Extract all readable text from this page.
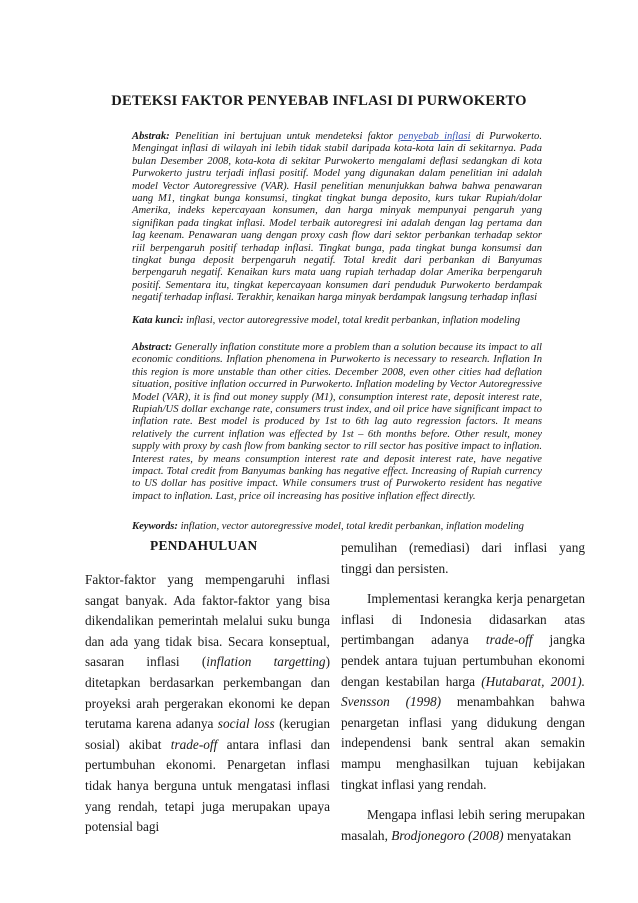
DETEKSI FAKTOR PENYEBAB INFLASI DI PURWOKERTO

Abstrak: Penelitian ini bertujuan untuk mendeteksi faktor penyebab inflasi di Purwokerto. Mengingat inflasi di wilayah ini lebih tidak stabil daripada kota-kota lain di sekitarnya. Pada bulan Desember 2008, kota-kota di sekitar Purwokerto mengalami deflasi sedangkan di kota Purwokerto justru terjadi inflasi positif. Model yang digunakan dalam penelitian ini adalah model Vector Autoregressive (VAR). Hasil penelitian menunjukkan bahwa bahwa penawaran uang M1, tingkat bunga konsumsi, tingkat tingkat bunga deposito, kurs tukar Rupiah/dolar Amerika, indeks kepercayaan konsumen, dan harga minyak mempunyai pengaruh yang signifikan pada tingkat inflasi. Model terbaik autoregresi ini adalah dengan lag pertama dan lag keenam. Penawaran uang dengan proxy cash flow dari sektor perbankan terhadap sektor riil berpengaruh positif terhadap inflasi. Tingkat bunga, pada tingkat bunga konsumsi dan tingkat bunga deposit berpengaruh negatif. Total kredit dari perbankan di Banyumas berpengaruh negatif. Kenaikan kurs mata uang rupiah terhadap dolar Amerika berpengaruh positif. Sementara itu, tingkat kepercayaan konsumen dari penduduk Purwokerto berdampak negatif terhadap inflasi. Terakhir, kenaikan harga minyak berdampak langsung terhadap inflasi

Kata kunci: inflasi, vector autoregressive model, total kredit perbankan, inflation modeling

Abstract: Generally inflation constitute more a problem than a solution because its impact to all economic conditions. Inflation phenomena in Purwokerto is necessary to research. Inflation In this region is more unstable than other cities. December 2008, even other cities had deflation situation, positive inflation occurred in Purwokerto. Inflation modeling by Vector Autoregressive Model (VAR), it is find out money supply (M1), consumption interest rate, deposit interest rate, Rupiah/US dollar exchange rate, consumers trust index, and oil price have significant impact to inflation rate. Best model is produced by 1st to 6th lag auto regression factors. It means relatively the current inflation was effected by 1st – 6th months before. Other result, money supply with proxy by cash flow from banking sector to rill sector has positive impact to inflation. Interest rates, by means consumption interest rate and deposit interest rate, have negative impact. Total credit from Banyumas banking has negative effect. Increasing of Rupiah currency to US dollar has positive impact. While consumers trust of Purwokerto resident has negative impact to inflation. Last, price oil increasing has positive inflation effect directly.

Keywords: inflation, vector autoregressive model, total kredit perbankan, inflation modeling

PENDAHULUAN

Faktor-faktor yang mempengaruhi inflasi sangat banyak. Ada faktor-faktor yang bisa dikendalikan pemerintah melalui suku bunga dan ada yang tidak bisa. Secara konseptual, sasaran inflasi (inflation targetting) ditetapkan berdasarkan perkembangan dan proyeksi arah pergerakan ekonomi ke depan terutama karena adanya social loss (kerugian sosial) akibat trade-off antara inflasi dan pertumbuhan ekonomi. Penargetan inflasi tidak hanya berguna untuk mengatasi inflasi yang rendah, tetapi juga merupakan upaya potensial bagi

pemulihan (remediasi) dari inflasi yang tinggi dan persisten.

Implementasi kerangka kerja penargetan inflasi di Indonesia didasarkan atas pertimbangan adanya trade-off jangka pendek antara tujuan pertumbuhan ekonomi dengan kestabilan harga (Hutabarat, 2001). Svensson (1998) menambahkan bahwa penargetan inflasi yang didukung dengan independensi bank sentral akan semakin mampu menghasilkan tujuan kebijakan tingkat inflasi yang rendah.

Mengapa inflasi lebih sering merupakan masalah, Brodjonegoro (2008) menyatakan
